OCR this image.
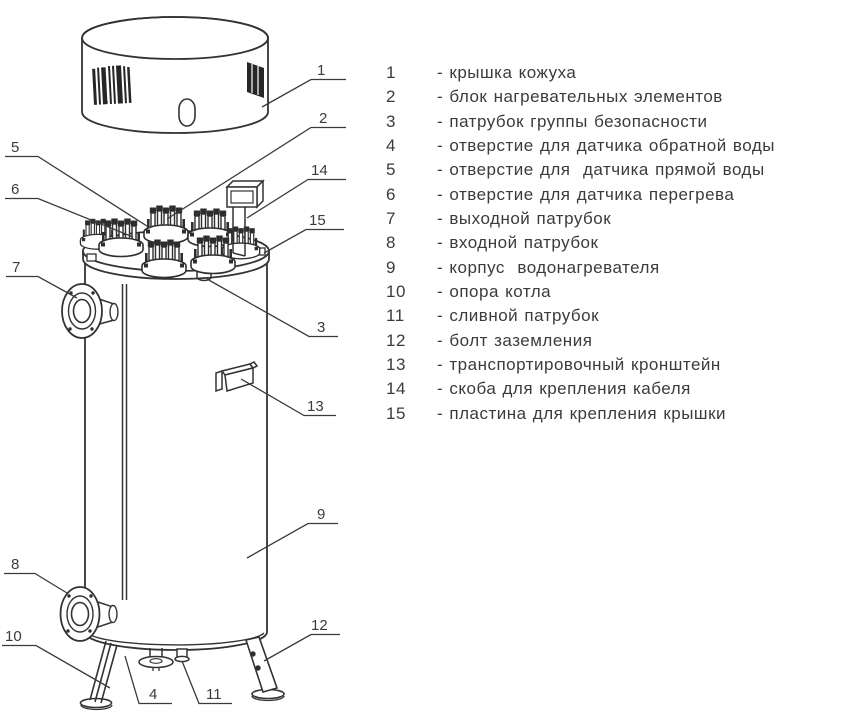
1
2
14
15
3
13
9
12
5
6
7
8
10
4	11
1	- крышка кожуха
2	- блок нагревательных элементов
3	- патрубок группы безопасности
4	- отверстие для датчика обратной воды
5	- отверстие для  датчика прямой воды
6	- отверстие для датчика перегрева
7	- выходной патрубок
8	- входной патрубок
9	- корпус  водонагревателя
10	- опора котла
11	- сливной патрубок
12	- болт заземления
13	- транспортировочный кронштейн
14	- скоба для крепления кабеля
15	- пластина для крепления крышки
